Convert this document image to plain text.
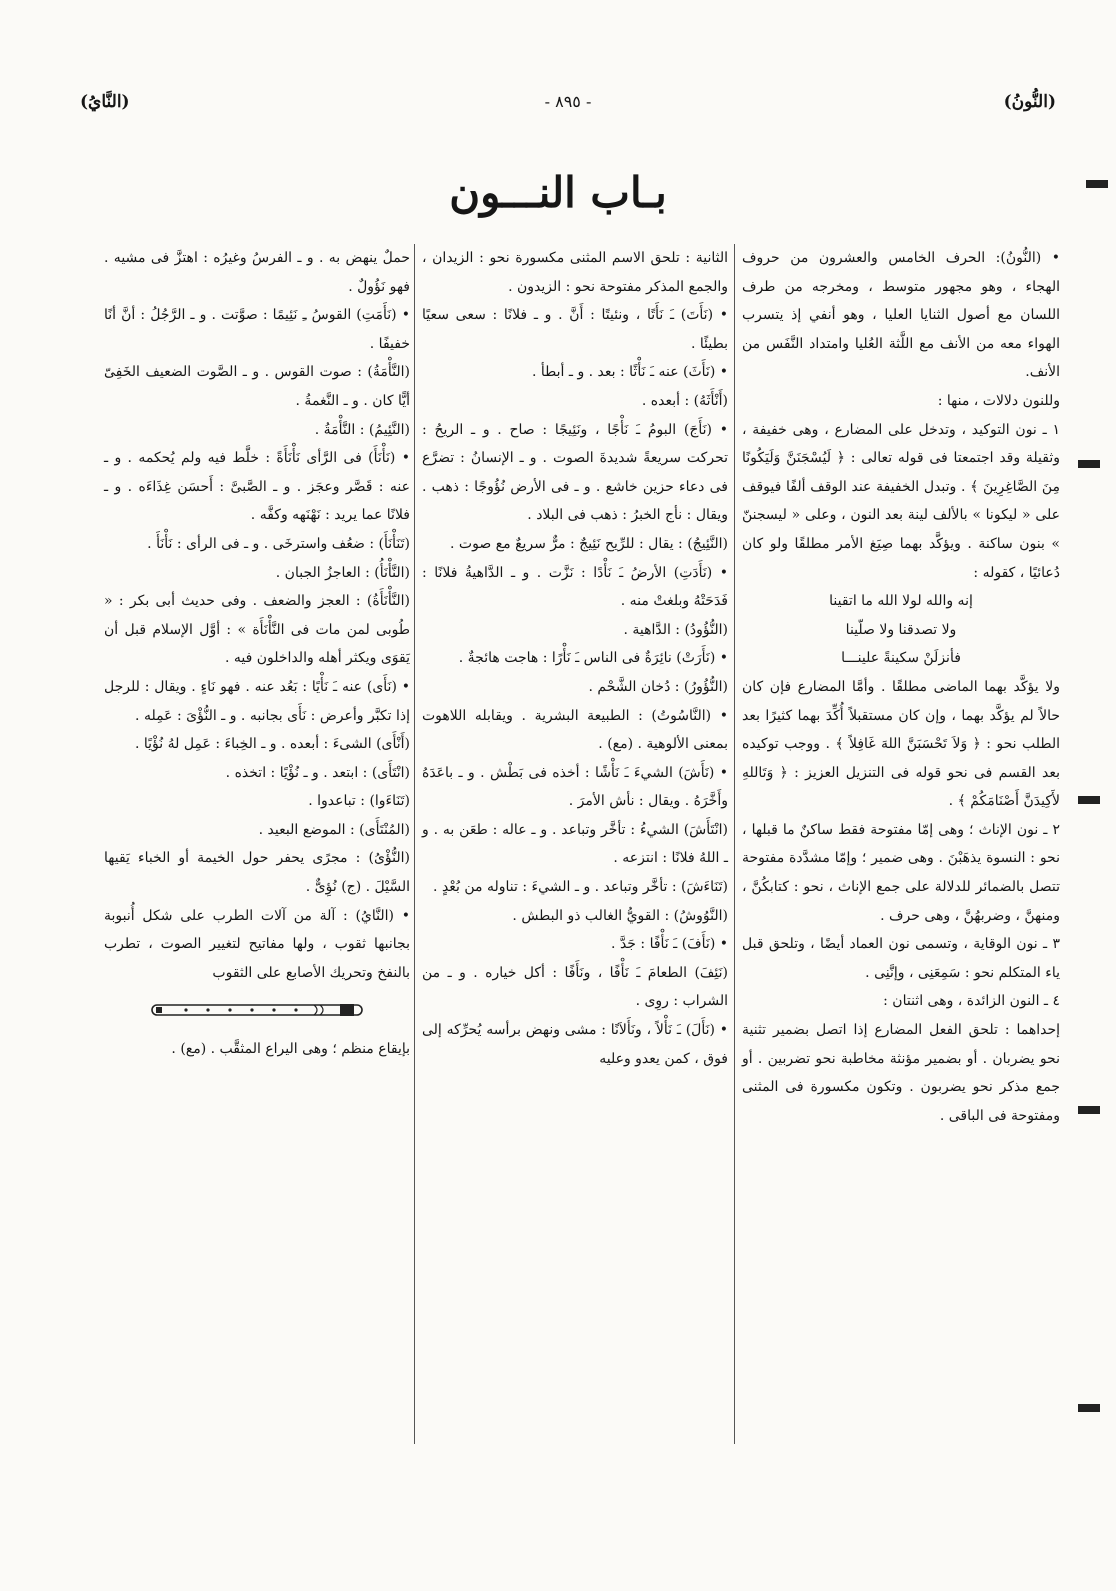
(النُّونُ)
- ٨٩٥ -
(النَّايُ)
بـاب النـــون

• (النُّونُ): الحرف الخامس والعشرون من حروف الهجاء ، وهو مجهور متوسط ، ومخرجه من طرف اللسان مع أصول الثنايا العليا ، وهو أنفي إذ يتسرب الهواء معه من الأنف مع اللَّثة العُليا وامتداد النَّفَس من الأنف.

وللنون دلالات ، منها :

١ ـ نون التوكيد ، وتدخل على المضارع ، وهى خفيفة ، وثقيلة وقد اجتمعتا فى قوله تعالى : ﴿ لَيُسْجَنَنَّ وَلَيَكُونًا مِنَ الصَّاغِرِينَ ﴾ . وتبدل الخفيفة عند الوقف ألفًا فيوقف على « ليكونا » بالألف لينة بعد النون ، وعلى « ليسجننّ » بنون ساكنة . ويؤكَّد بهما صِيَغ الأمر مطلقًا ولو كان دُعائيًا ، كقوله :

إنه والله لولا الله ما اتقينا

ولا تصدقنا ولا صلّينا

فأنزلَنْ سكينةً علينـــا

ولا يؤكَّد بهما الماضى مطلقًا . وأمَّا المضارع فإن كان حالاً لم يؤكَّد بهما ، وإن كان مستقبلاً أُكِّدَ بهما كثيرًا بعد الطلب نحو : ﴿ وَلاَ تَحْسَبَنَّ اللهَ غَافِلاً ﴾ . ووجب توكيده بعد القسم فى نحو قوله فى التنزيل العزيز : ﴿ وَتَاللهِ لأَكِيدَنَّ أَصْنَامَكُمْ ﴾ .

٢ ـ نون الإناث ؛ وهى إمّا مفتوحة فقط ساكنٌ ما قبلها ، نحو : النسوة يذهَبْنَ . وهى ضمير ؛ وإمّا مشدَّدة مفتوحة تتصل بالضمائر للدلالة على جمع الإناث ، نحو : كتابكُنَّ ، ومنهنَّ ، وضربهُنَّ ، وهى حرف .

٣ ـ نون الوقاية ، وتسمى نون العماد أيضًا ، وتلحق قبل ياء المتكلم نحو : سَمِعَنِى ، وإنَّنِى .

٤ ـ النون الزائدة ، وهى اثنتان :

إحداهما : تلحق الفعل المضارع إذا اتصل بضمير تثنية نحو يضربان . أو بضمير مؤنثة مخاطبة نحو تضربين . أو جمع مذكر نحو يضربون . وتكون مكسورة فى المثنى ومفتوحة فى الباقى .

الثانية : تلحق الاسم المثنى مكسورة نحو : الزيدان ، والجمع المذكر مفتوحة نحو : الزيدون .

• (نَأَتَ) ـَ نَأَتًا ، ونئيتًا : أَنَّ . و ـ فلانًا : سعى سعيًا بطيئًا .

• (نَأَثَ) عنه ـَ نَأْثًا : بعد . و ـ أبطأ .

(أَنْأَثَهُ) : أبعده .

• (نَأَجَ) البومُ ـَ نَأْجًا ، ونَئِيجًا : صاح . و ـ الريحُ : تحركت سريعةً شديدةَ الصوت . و ـ الإنسانُ : تضرَّع فى دعاء حزين خاشع . و ـ فى الأرض نُؤُوجًا : ذهب . ويقال : نأج الخبرُ : ذهب فى البلاد .

(النَّئِيجُ) : يقال : للرِّيح نَئِيجٌ : مرٌّ سريعٌ مع صوت .

• (نَأَدَتِ) الأرضُ ـَ نَأْدًا : نَزَّت . و ـ الدَّاهيةُ فلانًا : فَدَحَتْهُ وبلغتْ منه .

(النُّؤُودُ) : الدَّاهية .

• (نَأَرَتْ) نائِرَةٌ فى الناس ـَ نَأْرًا : هاجت هائجةٌ .

(النُّؤُورُ) : دُخان الشَّحْم .

• (النَّاسُوتُ) : الطبيعة البشرية . ويقابله اللاهوت بمعنى الألوهية . (مع) .

• (نَأَشَ) الشيءَ ـَ نَأْشًا : أخذه فى بَطْش . و ـ باعَدَهُ وأَخَّرَهُ . ويقال : نأش الأمرَ .

(انْتَأَشَ) الشيءُ : تأخَّر وتباعد . و ـ عاله : طعَن به . و ـ اللهُ فلانًا : انتزعه .

(تَنَاءَشَ) : تأخَّر وتباعد . و ـ الشيءَ : تناوله من بُعْدٍ .

(النَّوُوشُ) : القويُّ الغالب ذو البطش .

• (نَأَفَ) ـَ نَأْفًا : جَدَّ .

(نَئِفَ) الطعامَ ـَ نَأْفًا ، ونَأَفًا : أكل خياره . و ـ من الشراب : روِى .

• (نَأَلَ) ـَ نَأْلاً ، ونَأَلاَنًا : مشى ونهض برأسه يُحرِّكه إلى فوق ، كمن يعدو وعليه

حملٌ ينهض به . و ـ الفرسُ وغيرُه : اهتزَّ فى مشيه . فهو نَؤُولٌ .

• (نَأَمَتِ) القوسُ ـِ نَئِيمًا : صوَّتت . و ـ الرَّجُلُ : أنَّ أنًا خفيفًا .

(النَّأْمَةُ) : صوت القوس . و ـ الصَّوت الضعيف الخَفِىّ أيًّا كان . و ـ النَّغمةُ .

(النَّئِيمُ) : النَّأْمَةُ .

• (نَأْنَأَ) فى الرَّأى نَأْنَأَةً : خلَّط فيه ولم يُحكمه . و ـ عنه : قَصَّر وعجَز . و ـ الصَّبىَّ : أَحسَن غِذَاءَه . و ـ فلانًا عما يريد : نَهْنَهه وكفَّه .

(تَنَأْنَأَ) : ضعُف واسترخَى . و ـ فى الرأى : نَأْنَأَ .

(النَّأْنَأُ) : العاجزُ الجبان .

(النَّأْنَأَةُ) : العجز والضعف . وفى حديث أبى بكر : « طُوبى لمن مات فى النَّأْنَأَة » : أوَّل الإسلام قبل أن يَقوَى ويكثر أهله والداخلون فيه .

• (نَأَى) عنه ـَ نَأْيًا : بَعُد عنه . فهو نَاءٍ . ويقال : للرجل إذا تكبَّر وأعرض : نَأَى بجانبه . و ـ النُّؤْىَ : عَمِله .

(أَنْأَى) الشىءَ : أبعده . و ـ الخِباءَ : عَمِل لهُ نُؤْيًا .

(انْتَأَى) : ابتعد . و ـ نُؤْيًا : اتخذه .

(تَنَاءَوا) : تباعدوا .

(المُنْتَأَى) : الموضع البعيد .

(النُّؤْىُ) : مجرًى يحفر حول الخيمة أو الخباء يَقيها السَّيْلَ . (ج) نُؤِىٌّ .

• (النَّايُ) : آلة من آلات الطرب على شكل أُنبوبة بجانبها ثقوب ، ولها مفاتيح لتغيير الصوت ، تطرب بالنفخ وتحريك الأصابع على الثقوب

بإيقاع منظم ؛ وهى اليراع المثقَّب . (مع) .
